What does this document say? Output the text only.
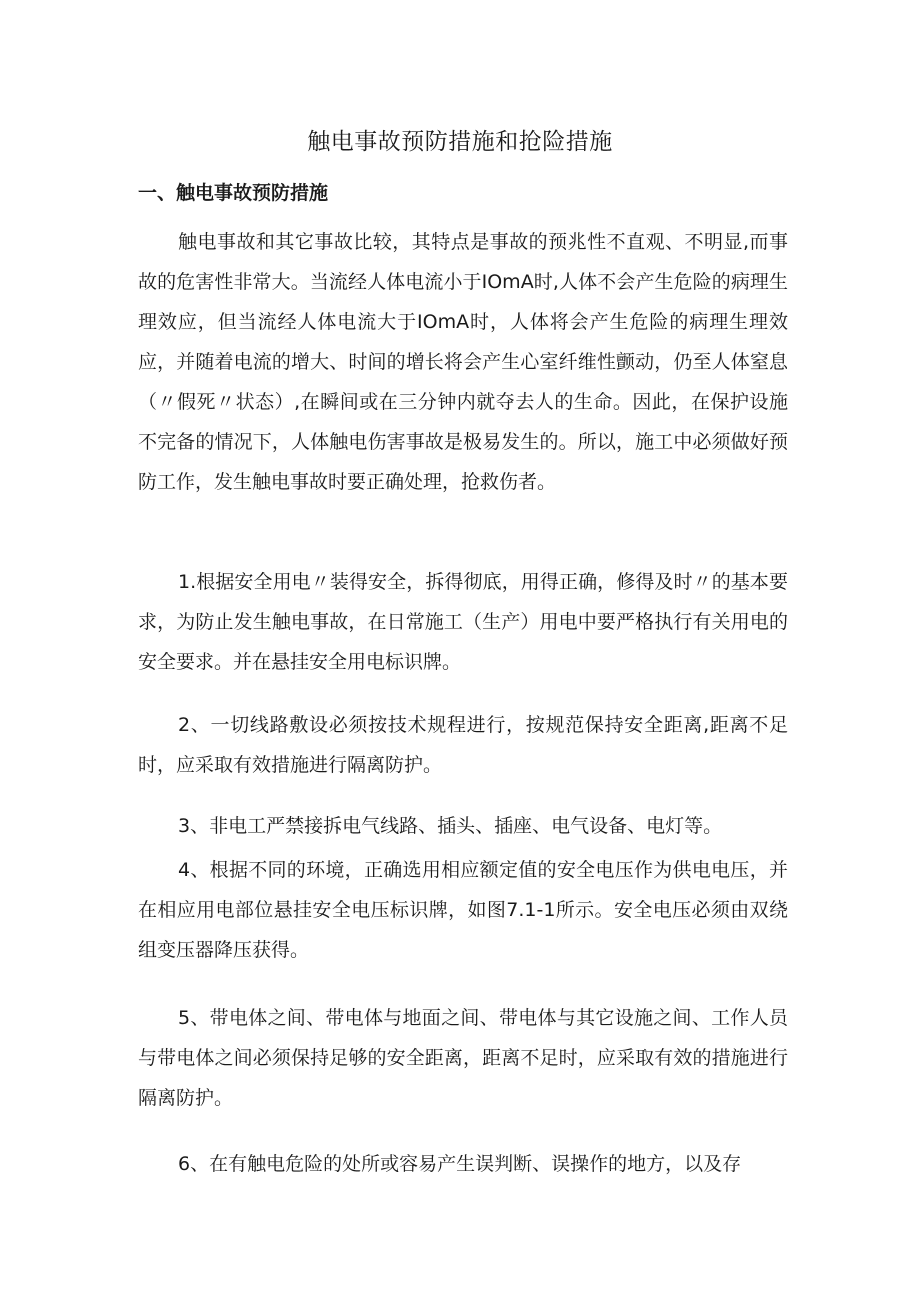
触电事故预防措施和抢险措施
一、触电事故预防措施

触电事故和其它事故比较，其特点是事故的预兆性不直观、不明显,而事故的危害性非常大。当流经人体电流小于IOmA时,人体不会产生危险的病理生理效应，但当流经人体电流大于IOmA时，人体将会产生危险的病理生理效应，并随着电流的增大、时间的增长将会产生心室纤维性颤动，仍至人体窒息（〃假死〃状态）,在瞬间或在三分钟内就夺去人的生命。因此，在保护设施不完备的情况下，人体触电伤害事故是极易发生的。所以，施工中必须做好预防工作，发生触电事故时要正确处理，抢救伤者。

1.根据安全用电〃装得安全，拆得彻底，用得正确，修得及时〃的基本要求，为防止发生触电事故，在日常施工（生产）用电中要严格执行有关用电的安全要求。并在悬挂安全用电标识牌。

2、一切线路敷设必须按技术规程进行，按规范保持安全距离,距离不足时，应采取有效措施进行隔离防护。

3、非电工严禁接拆电气线路、插头、插座、电气设备、电灯等。

4、根据不同的环境，正确选用相应额定值的安全电压作为供电电压，并在相应用电部位悬挂安全电压标识牌，如图7.1-1所示。安全电压必须由双绕组变压器降压获得。

5、带电体之间、带电体与地面之间、带电体与其它设施之间、工作人员与带电体之间必须保持足够的安全距离，距离不足时，应采取有效的措施进行隔离防护。

6、在有触电危险的处所或容易产生误判断、误操作的地方，以及存
